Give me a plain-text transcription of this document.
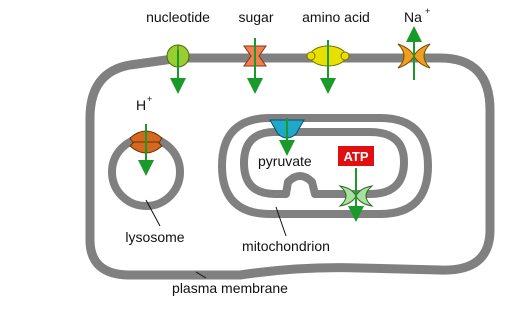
ATP
nucleotide sugar amino acid Na +
H +
pyruvate
lysosome
mitochondrion
plasma membrane
